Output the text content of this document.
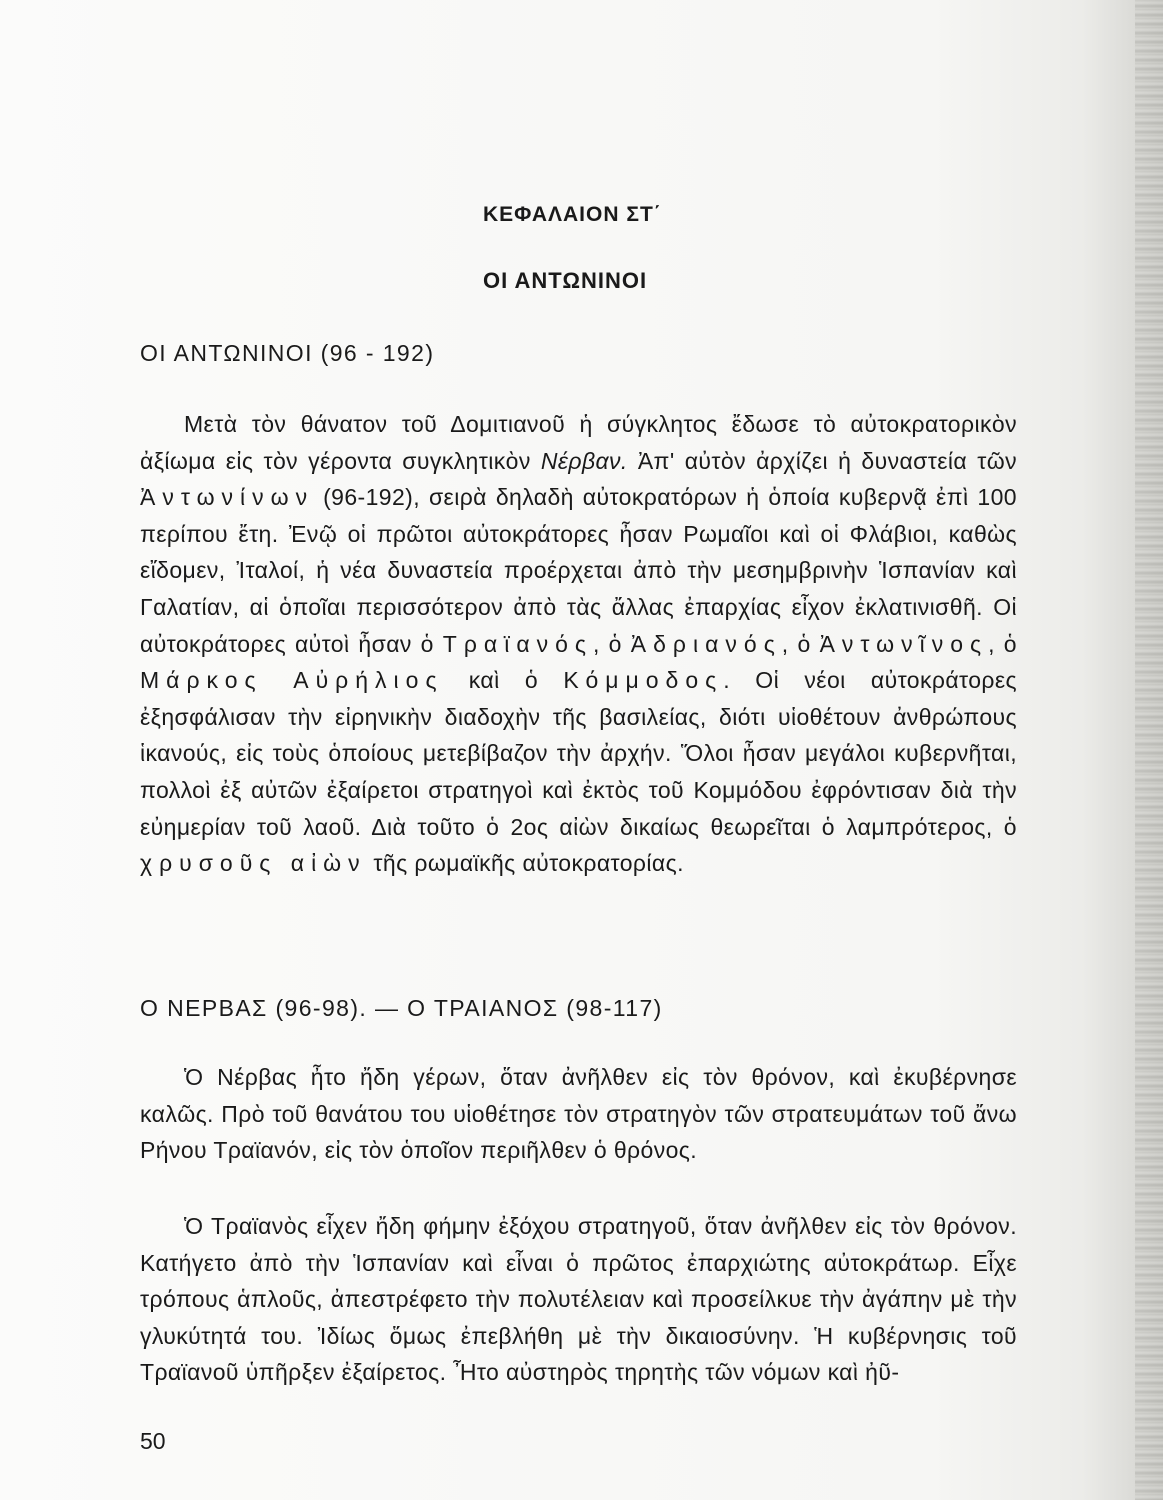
ΚΕΦΑΛΑΙΟΝ ΣΤ΄
ΟΙ ΑΝΤΩΝΙΝΟΙ
ΟΙ ΑΝΤΩΝΙΝΟΙ (96 - 192)

Μετὰ τὸν θάνατον τοῦ Δομιτιανοῦ ἡ σύγκλητος ἔδωσε τὸ αὐτοκρατορικὸν ἀξίωμα εἰς τὸν γέροντα συγκλητικὸν Νέρβαν. Ἀπ' αὐτὸν ἀρχίζει ἡ δυναστεία τῶν Ἀντωνίνων (96-192), σειρὰ δηλαδὴ αὐτοκρατόρων ἡ ὁποία κυβερνᾷ ἐπὶ 100 περίπου ἔτη. Ἐνῷ οἱ πρῶτοι αὐτοκράτορες ἦσαν Ρωμαῖοι καὶ οἱ Φλάβιοι, καθὼς εἴδομεν, Ἰταλοί, ἡ νέα δυναστεία προέρχεται ἀπὸ τὴν μεσημβρινὴν Ἱσπανίαν καὶ Γαλατίαν, αἱ ὁποῖαι περισσότερον ἀπὸ τὰς ἄλλας ἐπαρχίας εἶχον ἐκλατινισθῆ. Οἱ αὐτοκράτορες αὐτοὶ ἦσαν ὁ Τραϊανός, ὁ Ἀδριανός, ὁ Ἀντωνῖνος, ὁ Μάρκος Αὐρήλιος καὶ ὁ Κόμμοδος. Οἱ νέοι αὐτοκράτορες ἐξησφάλισαν τὴν εἰρηνικὴν διαδοχὴν τῆς βασιλείας, διότι υἱοθέτουν ἀνθρώπους ἱκανούς, εἰς τοὺς ὁποίους μετεβίβαζον τὴν ἀρχήν. Ὅλοι ἦσαν μεγάλοι κυβερνῆται, πολλοὶ ἐξ αὐτῶν ἐξαίρετοι στρατηγοὶ καὶ ἐκτὸς τοῦ Κομμόδου ἐφρόντισαν διὰ τὴν εὐημερίαν τοῦ λαοῦ. Διὰ τοῦτο ὁ 2ος αἰὼν δικαίως θεωρεῖται ὁ λαμπρότερος, ὁ χρυσοῦς αἰὼν τῆς ρωμαϊκῆς αὐτοκρατορίας.

Ο ΝΕΡΒΑΣ (96-98). — Ο ΤΡΑΙΑΝΟΣ (98-117)

Ὁ Νέρβας ἦτο ἤδη γέρων, ὅταν ἀνῆλθεν εἰς τὸν θρόνον, καὶ ἐκυβέρνησε καλῶς. Πρὸ τοῦ θανάτου του υἱοθέτησε τὸν στρατηγὸν τῶν στρατευμάτων τοῦ ἄνω Ρήνου Τραϊανόν, εἰς τὸν ὁποῖον περιῆλθεν ὁ θρόνος.

Ὁ Τραϊανὸς εἶχεν ἤδη φήμην ἐξόχου στρατηγοῦ, ὅταν ἀνῆλθεν εἰς τὸν θρόνον. Κατήγετο ἀπὸ τὴν Ἱσπανίαν καὶ εἶναι ὁ πρῶτος ἐπαρχιώτης αὐτοκράτωρ. Εἶχε τρόπους ἁπλοῦς, ἀπεστρέφετο τὴν πολυτέλειαν καὶ προσείλκυε τὴν ἀγάπην μὲ τὴν γλυκύτητά του. Ἰδίως ὅμως ἐπεβλήθη μὲ τὴν δικαιοσύνην. Ἡ κυβέρνησις τοῦ Τραϊανοῦ ὑπῆρξεν ἐξαίρετος. Ἦτο αὐστηρὸς τηρητὴς τῶν νόμων καὶ ἠῦ-

50
